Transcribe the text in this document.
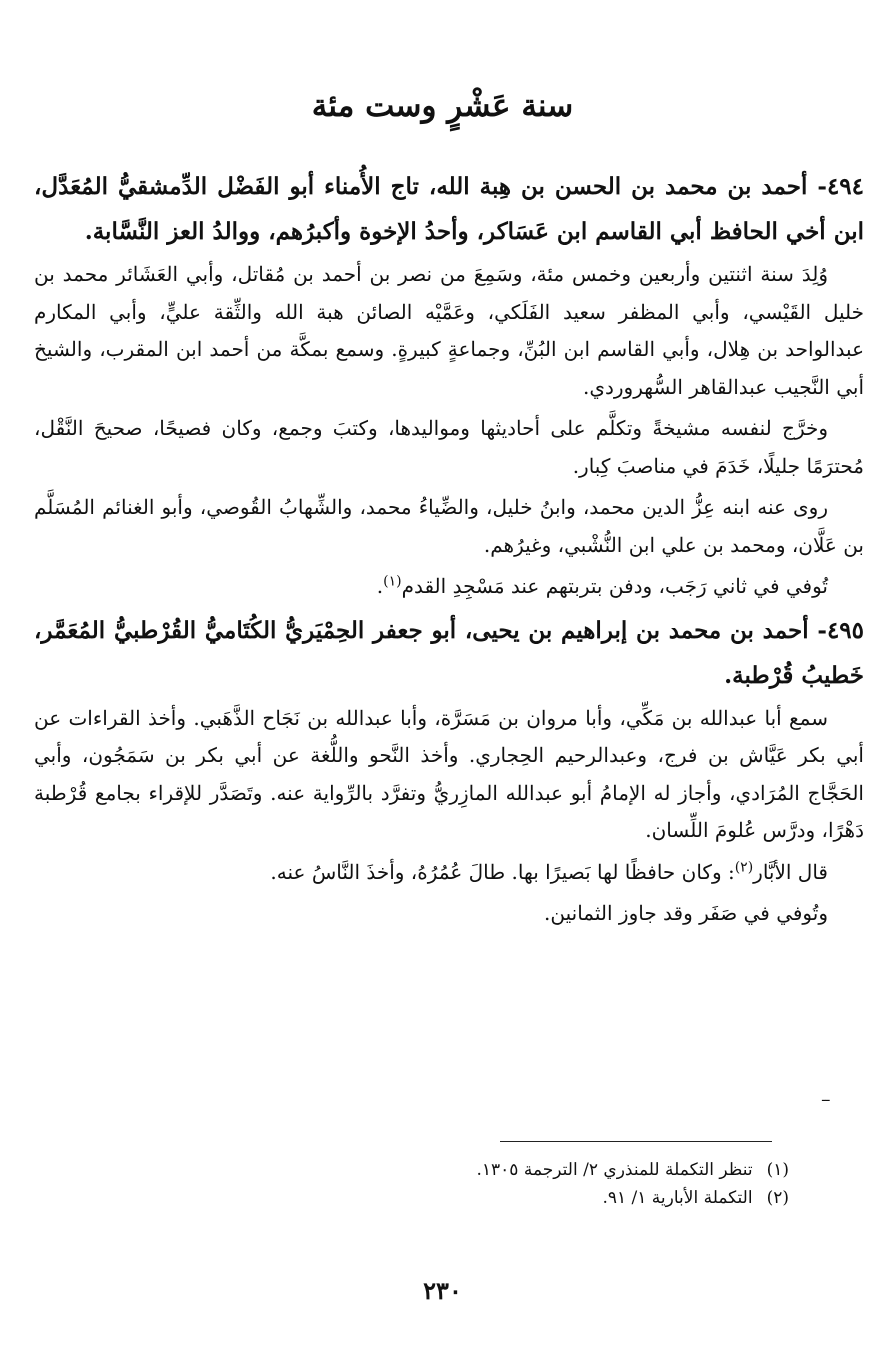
سنة عَشْرٍ وست مئة

٤٩٤- أحمد بن محمد بن الحسن بن هِبة الله، تاج الأُمناء أبو الفَضْل الدِّمشقيُّ المُعَدَّل، ابن أخي الحافظ أبي القاسم ابن عَسَاكر، وأحدُ الإخوة وأكبرُهم، ووالدُ العز النَّسَّابة.

وُلِدَ سنة اثنتين وأربعين وخمس مئة، وسَمِعَ من نصر بن أحمد بن مُقاتل، وأبي العَشَائر محمد بن خليل القَيْسي، وأبي المظفر سعيد الفَلَكي، وعَمَّيْه الصائن هبة الله والثِّقة عليٍّ، وأبي المكارم عبدالواحد بن هِلال، وأبي القاسم ابن البُنِّ، وجماعةٍ كبيرةٍ. وسمع بمكَّة من أحمد ابن المقرب، والشيخ أبي النَّجيب عبدالقاهر السُّهروردي.

وخرَّج لنفسه مشيخةً وتكلَّم على أحاديثها ومواليدها، وكتبَ وجمع، وكان فصيحًا، صحيحَ النَّقْل، مُحترَمًا جليلًا، خَدَمَ في مناصبَ كِبار.

روى عنه ابنه عِزُّ الدين محمد، وابنُ خليل، والضِّياءُ محمد، والشِّهابُ القُوصي، وأبو الغنائم المُسَلَّم بن عَلَّان، ومحمد بن علي ابن النُّشْبي، وغيرُهم.

تُوفي في ثاني رَجَب، ودفن بتربتهم عند مَسْجِدِ القدم$^{(١)}$.

٤٩٥- أحمد بن محمد بن إبراهيم بن يحيى، أبو جعفر الحِمْيَريُّ الكُتَاميُّ القُرْطبيُّ المُعَمَّر، خَطيبُ قُرْطبة.

سمع أبا عبدالله بن مَكِّي، وأبا مروان بن مَسَرَّة، وأبا عبدالله بن نَجَاح الذَّهَبي. وأخذ القراءات عن أبي بكر عَيَّاش بن فرج، وعبدالرحيم الحِجاري. وأخذ النَّحو واللُّغة عن أبي بكر بن سَمَجُون، وأبي الحَجَّاج المُرَادي، وأجاز له الإمامُ أبو عبدالله المازِريُّ وتفرَّد بالرِّواية عنه. وتَصَدَّر للإقراء بجامع قُرْطبة دَهْرًا، ودرَّس عُلومَ اللِّسان.

قال الأبَّار$^{(٢)}$: وكان حافظًا لها بَصيرًا بها. طالَ عُمُرُهُ، وأخذَ النَّاسُ عنه.

وتُوفي في صَفَر وقد جاوز الثمانين.

ــ

(١)تنظر التكملة للمنذري ٢/ الترجمة ١٣٠٥.

(٢)التكملة الأبارية ١/ ٩١.

٢٣٠
